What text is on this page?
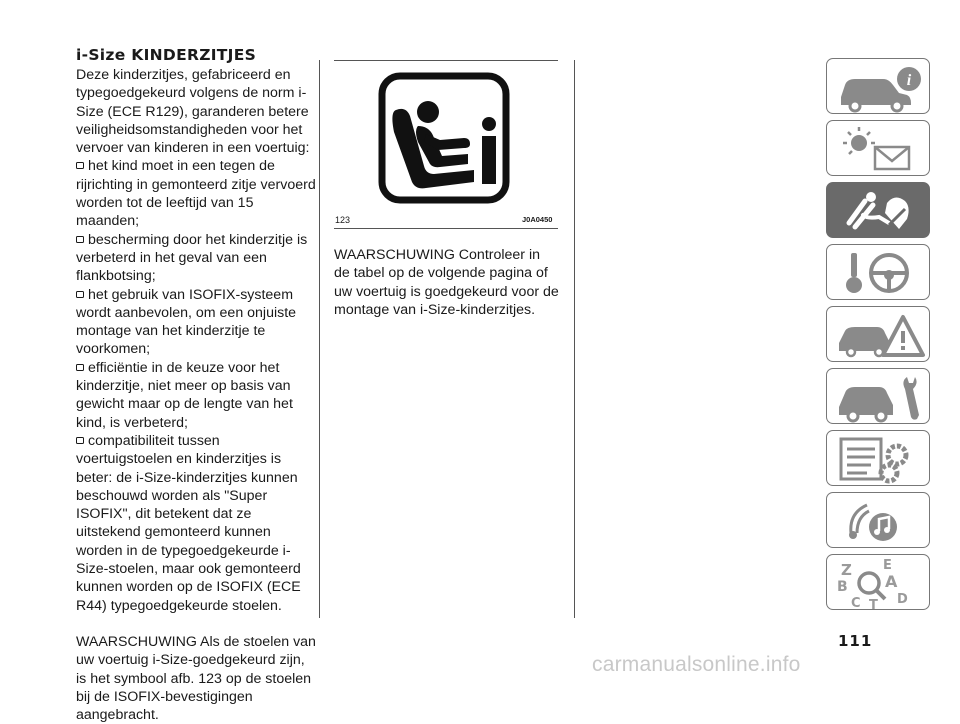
i-Size KINDERZITJES

Deze kinderzitjes, gefabriceerd en typegoedgekeurd volgens de norm i-Size (ECE R129), garanderen betere veiligheidsomstandigheden voor het vervoer van kinderen in een voertuig:

het kind moet in een tegen de rijrichting in gemonteerd zitje vervoerd worden tot de leeftijd van 15 maanden;

bescherming door het kinderzitje is verbeterd in het geval van een flankbotsing;

het gebruik van ISOFIX-systeem wordt aanbevolen, om een onjuiste montage van het kinderzitje te voorkomen;

efficiëntie in de keuze voor het kinderzitje, niet meer op basis van gewicht maar op de lengte van het kind, is verbeterd;

compatibiliteit tussen voertuigstoelen en kinderzitjes is beter: de i-Size-kinderzitjes kunnen beschouwd worden als "Super ISOFIX", dit betekent dat ze uitstekend gemonteerd kunnen worden in de typegoedgekeurde i-Size-stoelen, maar ook gemonteerd kunnen worden op de ISOFIX (ECE R44) typegoedgekeurde stoelen.

WAARSCHUWING Als de stoelen van uw voertuig i-Size-goedgekeurd zijn, is het symbool afb. 123 op de stoelen bij de ISOFIX-bevestigingen aangebracht.

123	J0A0450

WAARSCHUWING Controleer in de tabel op de volgende pagina of uw voertuig is goedgekeurd voor de montage van i-Size-kinderzitjes.

i
Z E
B A
C T D
111
carmanualsonline.info
